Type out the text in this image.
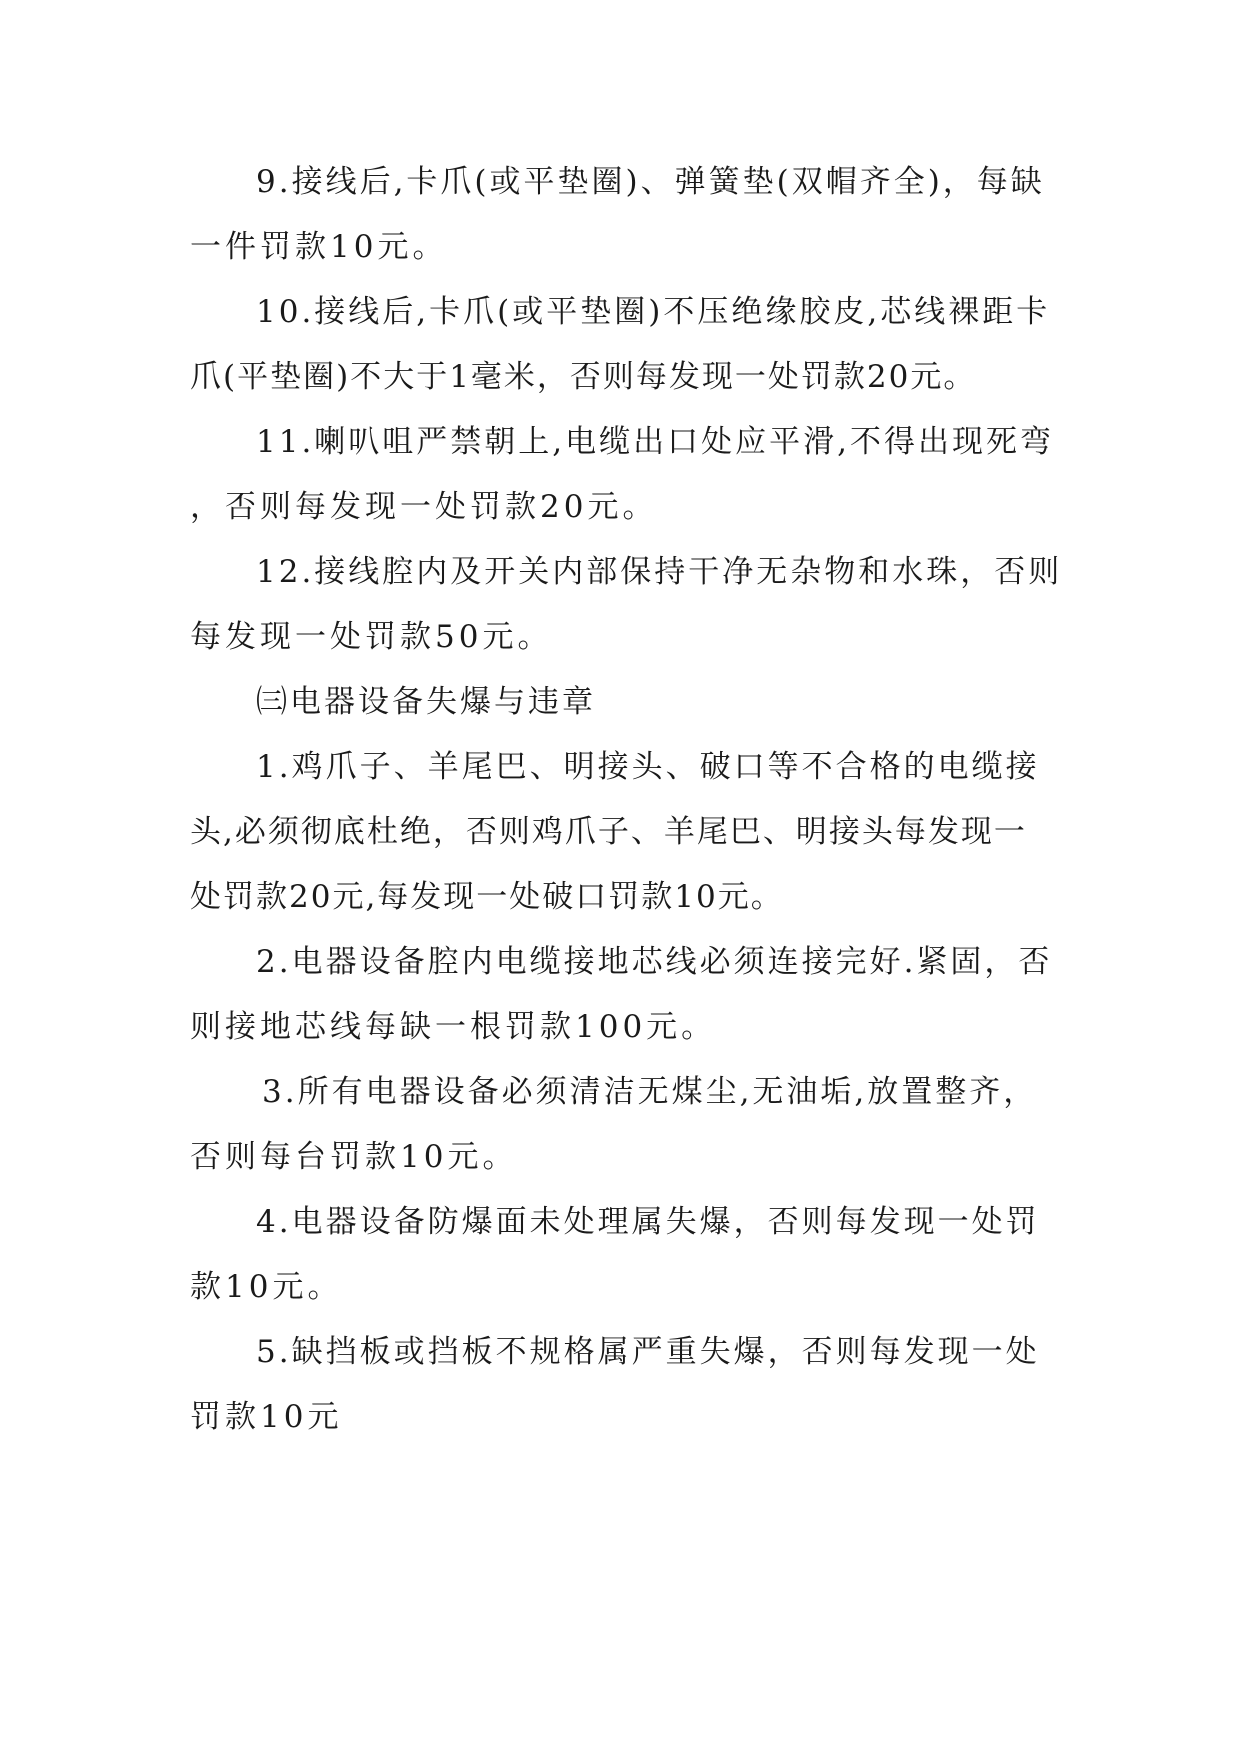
9.接线后,卡爪(或平垫圈)、弹簧垫(双帽齐全)，每缺
一件罚款10元。
10.接线后,卡爪(或平垫圈)不压绝缘胶皮,芯线裸距卡
爪(平垫圈)不大于1毫米，否则每发现一处罚款20元。
11.喇叭咀严禁朝上,电缆出口处应平滑,不得出现死弯
，否则每发现一处罚款20元。
12.接线腔内及开关内部保持干净无杂物和水珠，否则
每发现一处罚款50元。
㈢电器设备失爆与违章
1.鸡爪子、羊尾巴、明接头、破口等不合格的电缆接
头,必须彻底杜绝，否则鸡爪子、羊尾巴、明接头每发现一
处罚款20元,每发现一处破口罚款10元。
2.电器设备腔内电缆接地芯线必须连接完好.紧固，否
则接地芯线每缺一根罚款100元。
3.所有电器设备必须清洁无煤尘,无油垢,放置整齐，
否则每台罚款10元。
4.电器设备防爆面未处理属失爆，否则每发现一处罚
款10元。
5.缺挡板或挡板不规格属严重失爆，否则每发现一处
罚款10元
